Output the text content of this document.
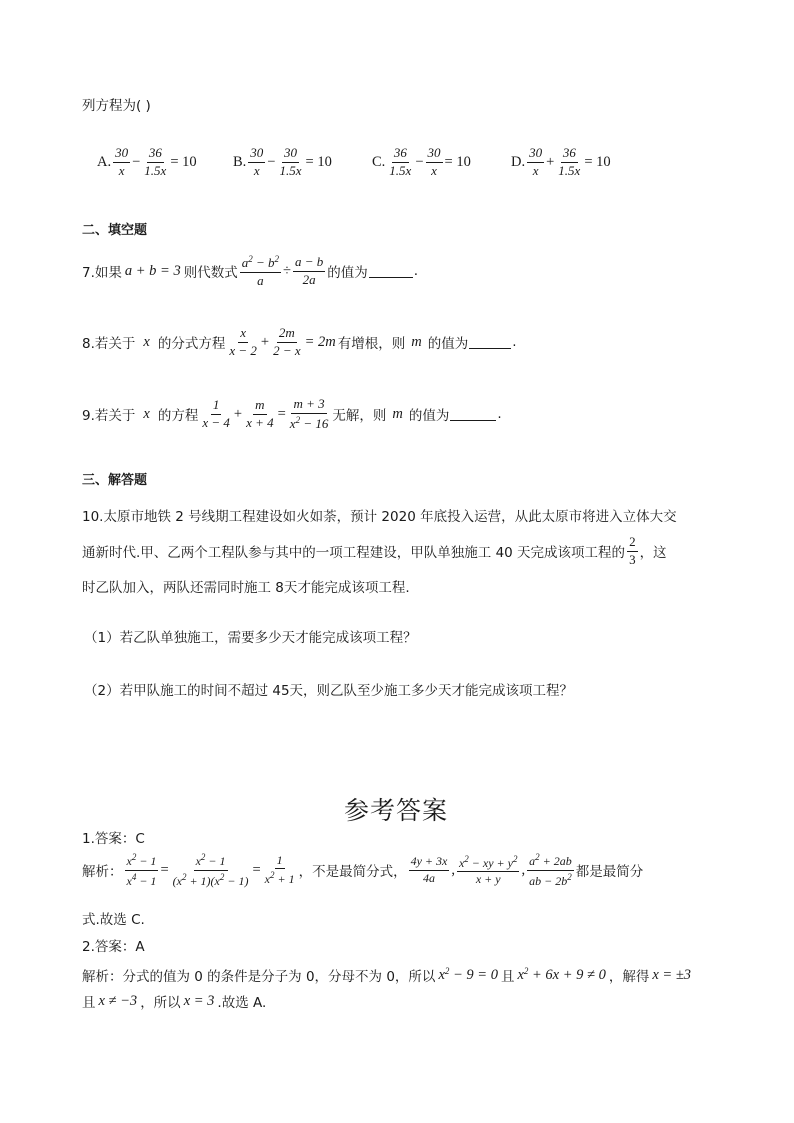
列方程为( )
A. $\frac{30}{x} - \frac{36}{1.5x} = 10$	B. $\frac{30}{x} - \frac{30}{1.5x} = 10$	C. $\frac{36}{1.5x} - \frac{30}{x} = 10$	D. $\frac{30}{x} + \frac{36}{1.5x} = 10$
二、填空题
7.如果 a + b = 3 则代数式 $\frac{a^2 - b^2}{a} \div \frac{a - b}{2a}$ 的值为	.
8.若关于 x 的分式方程 $\frac{x}{x - 2} + \frac{2m}{2 - x} = 2m$ 有增根，则 m 的值为	.
9.若关于 x 的方程 $\frac{1}{x - 4} + \frac{m}{x + 4} = \frac{m + 3}{x^2 - 16}$ 无解，则 m 的值为	.
三、解答题
10.太原市地铁 2 号线期工程建设如火如荼，预计 2020 年底投入运营，从此太原市将进入立体大交
通新时代.甲、乙两个工程队参与其中的一项工程建设，甲队单独施工 40 天完成该项工程的 $\frac{2}{3}$ ，这
时乙队加入，两队还需同时施工 8天才能完成该项工程.
（1）若乙队单独施工，需要多少天才能完成该项工程？
（2）若甲队施工的时间不超过 45天，则乙队至少施工多少天才能完成该项工程？
参考答案
1.答案：C
解析： $\frac{x^2 - 1}{x^4 - 1} = \frac{x^2 - 1}{(x^2 + 1)(x^2 - 1)} = \frac{1}{x^2 + 1}$ ，不是最简分式， $\frac{4y + 3x}{4a}$ , $\frac{x^2 - xy + y^2}{x + y}$ , $\frac{a^2 + 2ab}{ab - 2b^2}$ 都是最简分
式.故选 C.
2.答案：A
解析：分式的值为 0 的条件是分子为 0，分母不为 0，所以 $x^2 - 9 = 0$ 且 $x^2 + 6x + 9 \ne 0$ ，解得 x = ±3
且 x ≠ −3 ，所以 x = 3 .故选 A.
